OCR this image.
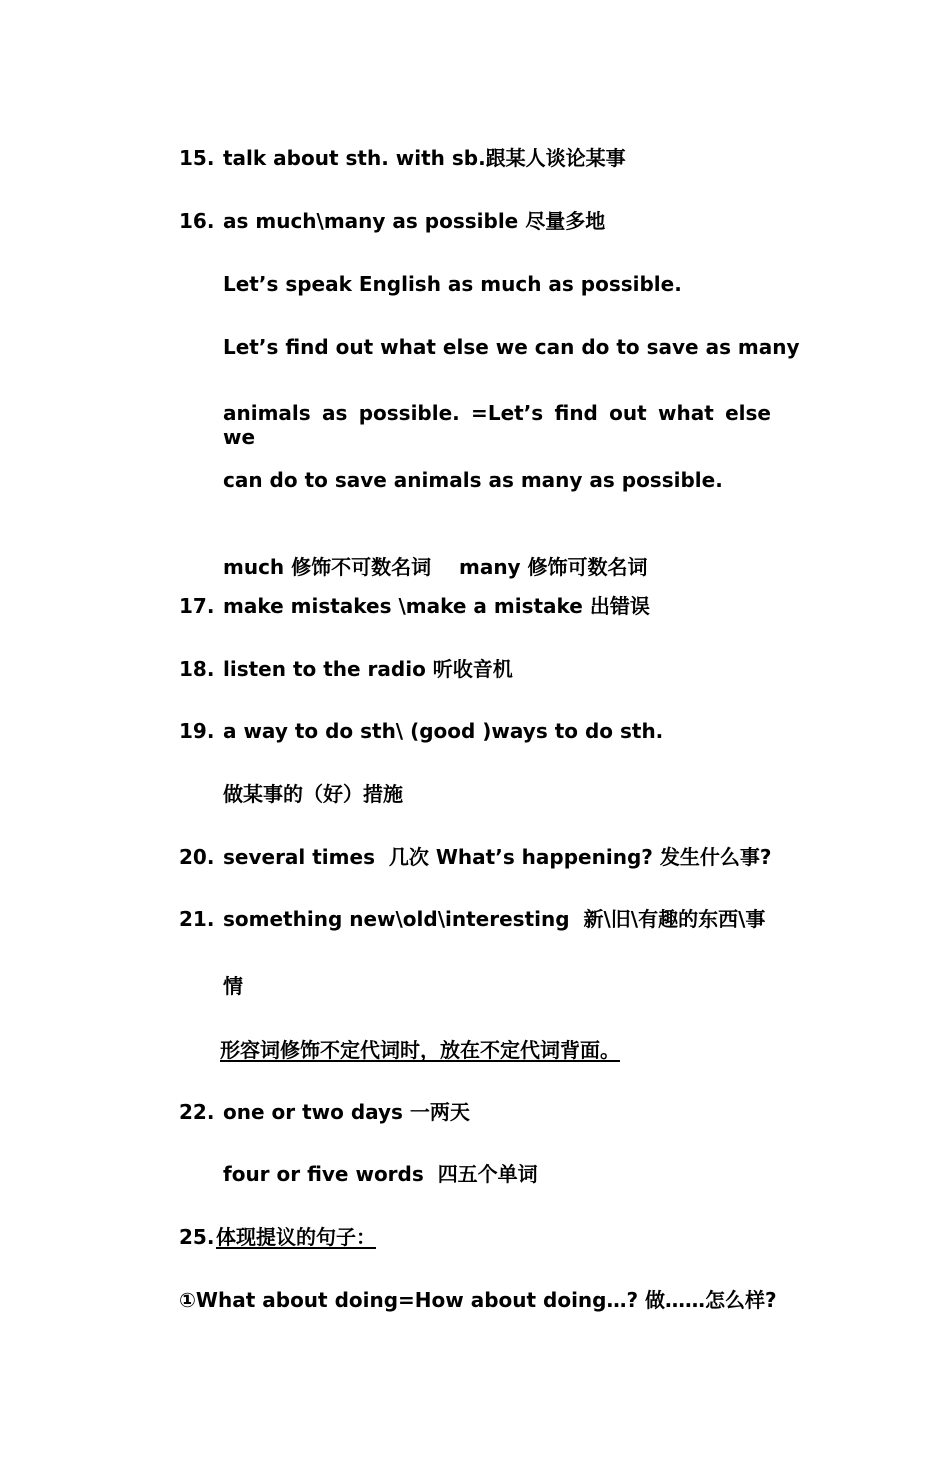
15. talk about sth. with sb.跟某人谈论某事
16. as much\many as possible 尽量多地
Let’s speak English as much as possible.
Let’s find out what else we can do to save as many
animals as possible. =Let’s find out what else we
can do to save animals as many as possible.

much 修饰不可数名词    many 修饰可数名词

17. make mistakes \make a mistake 出错误
18. listen to the radio 听收音机
19. a way to do sth\ (good )ways to do sth.
做某事的（好）措施
20. several times  几次 What’s happening? 发生什么事?
21. something new\old\interesting  新\旧\有趣的东西\事
情
形容词修饰不定代词时，放在不定代词背面。
22. one or two days 一两天
four or five words  四五个单词
25. 体现提议的句子：
①What about doing=How about doing…? 做……怎么样?
